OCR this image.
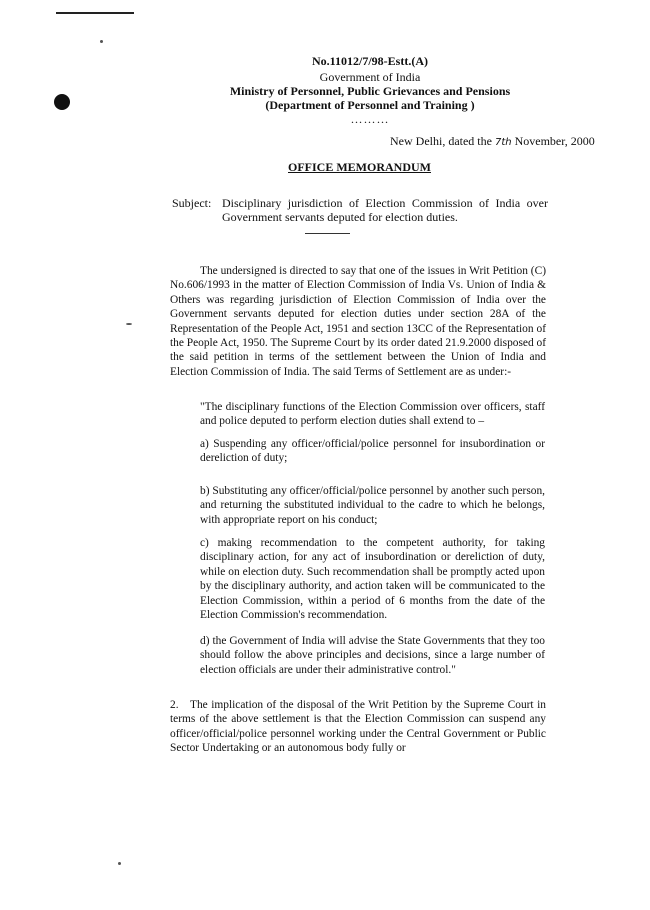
No.11012/7/98-Estt.(A)
Government of India
Ministry of Personnel, Public Grievances and Pensions
(Department of Personnel and Training )
………
New Delhi, dated the 7th November, 2000
OFFICE MEMORANDUM
Subject: Disciplinary jurisdiction of Election Commission of India over Government servants deputed for election duties.

The undersigned is directed to say that one of the issues in Writ Petition (C) No.606/1993 in the matter of Election Commission of India Vs. Union of India & Others was regarding jurisdiction of Election Commission of India over the Government servants deputed for election duties under section 28A of the Representation of the People Act, 1951 and section 13CC of the Representation of the People Act, 1950. The Supreme Court by its order dated 21.9.2000 disposed of the said petition in terms of the settlement between the Union of India and Election Commission of India. The said Terms of Settlement are as under:-

"The disciplinary functions of the Election Commission over officers, staff and police deputed to perform election duties shall extend to –

a) Suspending any officer/official/police personnel for insubordination or dereliction of duty;

b) Substituting any officer/official/police personnel by another such person, and returning the substituted individual to the cadre to which he belongs, with appropriate report on his conduct;

c) making recommendation to the competent authority, for taking disciplinary action, for any act of insubordination or dereliction of duty, while on election duty. Such recommendation shall be promptly acted upon by the disciplinary authority, and action taken will be communicated to the Election Commission, within a period of 6 months from the date of the Election Commission's recommendation.

d) the Government of India will advise the State Governments that they too should follow the above principles and decisions, since a large number of election officials are under their administrative control."

2. The implication of the disposal of the Writ Petition by the Supreme Court in terms of the above settlement is that the Election Commission can suspend any officer/official/police personnel working under the Central Government or Public Sector Undertaking or an autonomous body fully or
